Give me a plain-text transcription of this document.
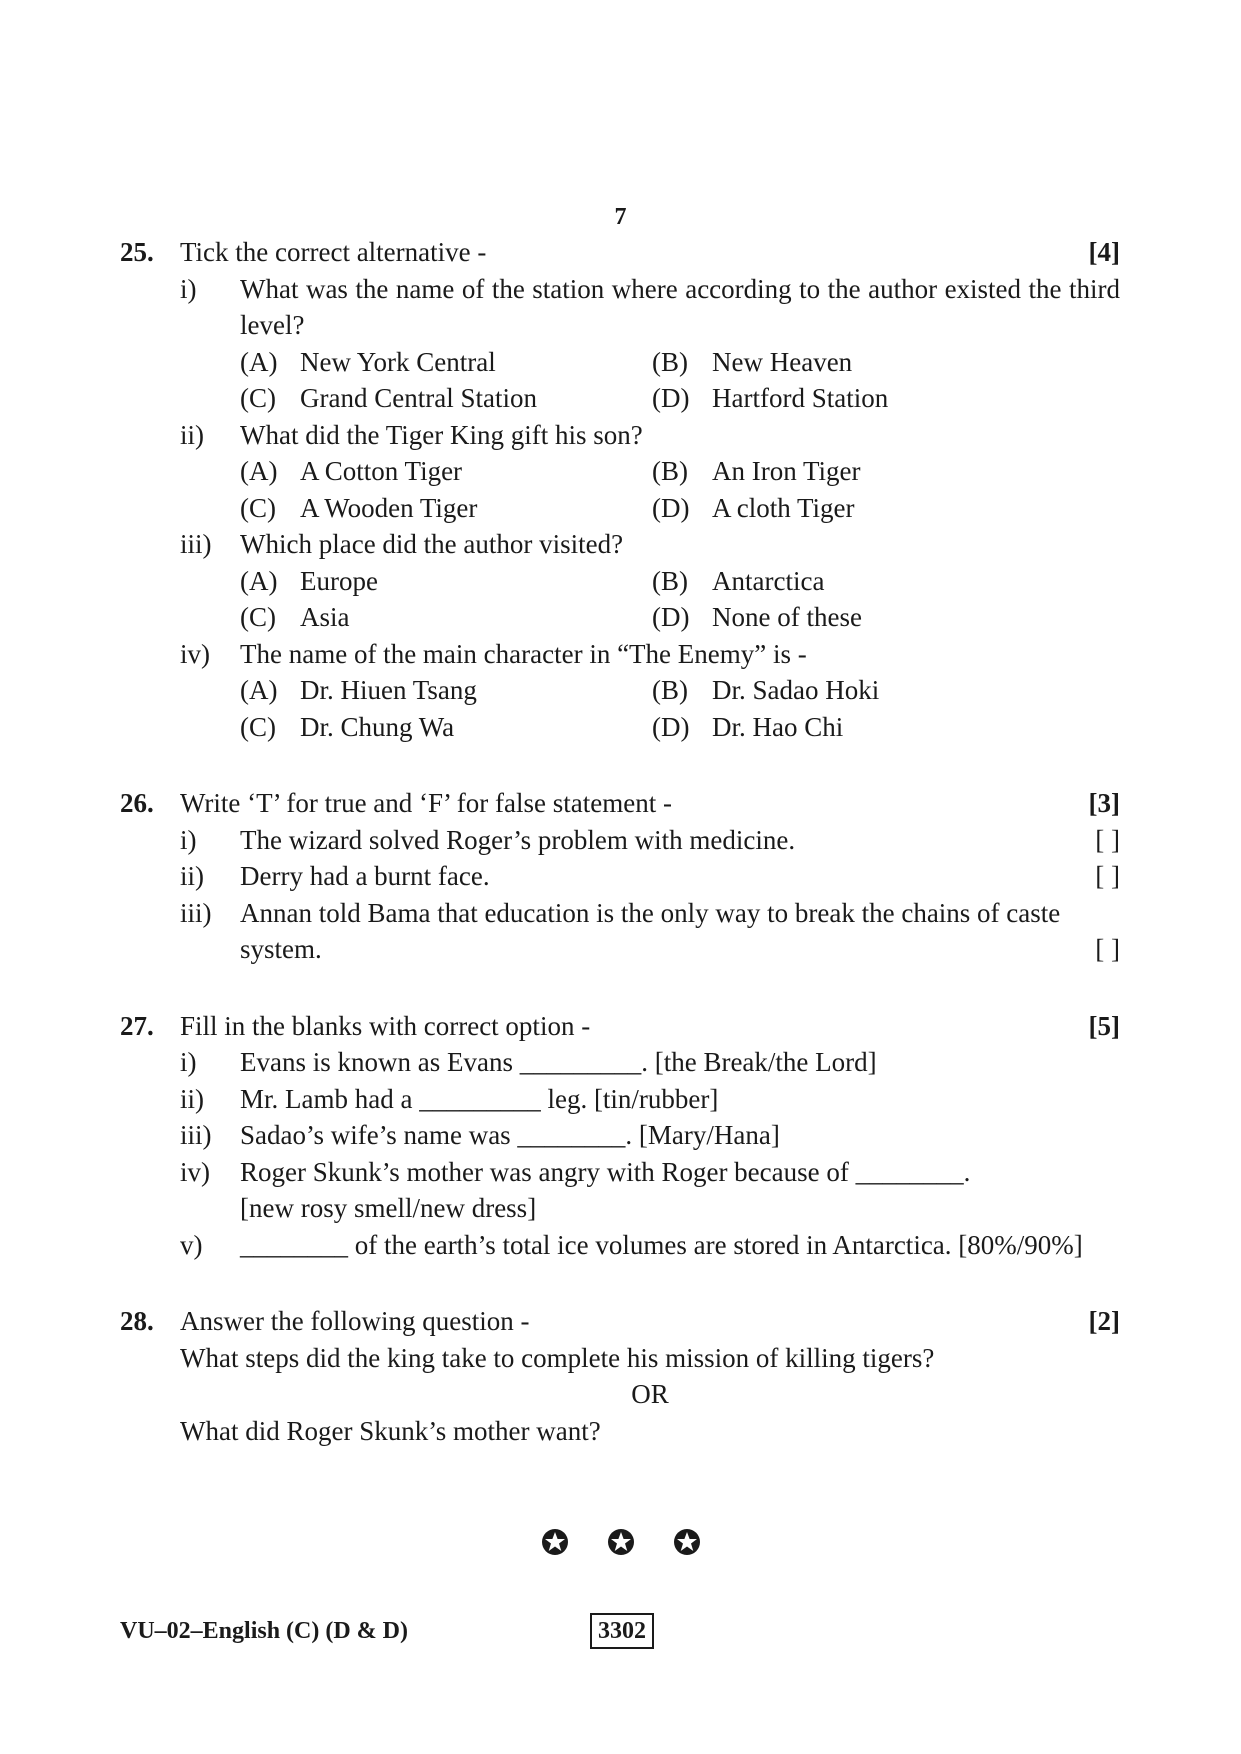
7
25. Tick the correct alternative -	[4]
i)	What was the name of the station where according to the author existed the third level?
(A) New York Central	(B) New Heaven
(C) Grand Central Station	(D) Hartford Station
ii)	What did the Tiger King gift his son?
(A) A Cotton Tiger	(B) An Iron Tiger
(C) A Wooden Tiger	(D) A cloth Tiger
iii)	Which place did the author visited?
(A) Europe	(B) Antarctica
(C) Asia	(D) None of these
iv)	The name of the main character in “The Enemy” is -
(A) Dr. Hiuen Tsang	(B) Dr. Sadao Hoki
(C) Dr. Chung Wa	(D) Dr. Hao Chi
26. Write ‘T’ for true and ‘F’ for false statement -	[3]
i)	The wizard solved Roger’s problem with medicine.	[ ]
ii)	Derry had a burnt face.	[ ]
iii)	Annan told Bama that education is the only way to break the chains of caste
system.	[ ]
27. Fill in the blanks with correct option -	[5]
i)	Evans is known as Evans _________. [the Break/the Lord]
ii)	Mr. Lamb had a _________ leg. [tin/rubber]
iii)	Sadao’s wife’s name was ________. [Mary/Hana]
iv)	Roger Skunk’s mother was angry with Roger because of ________.
[new rosy smell/new dress]
v)	________ of the earth’s total ice volumes are stored in Antarctica. [80%/90%]
28. Answer the following question -	[2]
What steps did the king take to complete his mission of killing tigers?
OR
What did Roger Skunk’s mother want?
VU–02–English (C) (D & D)	3302
